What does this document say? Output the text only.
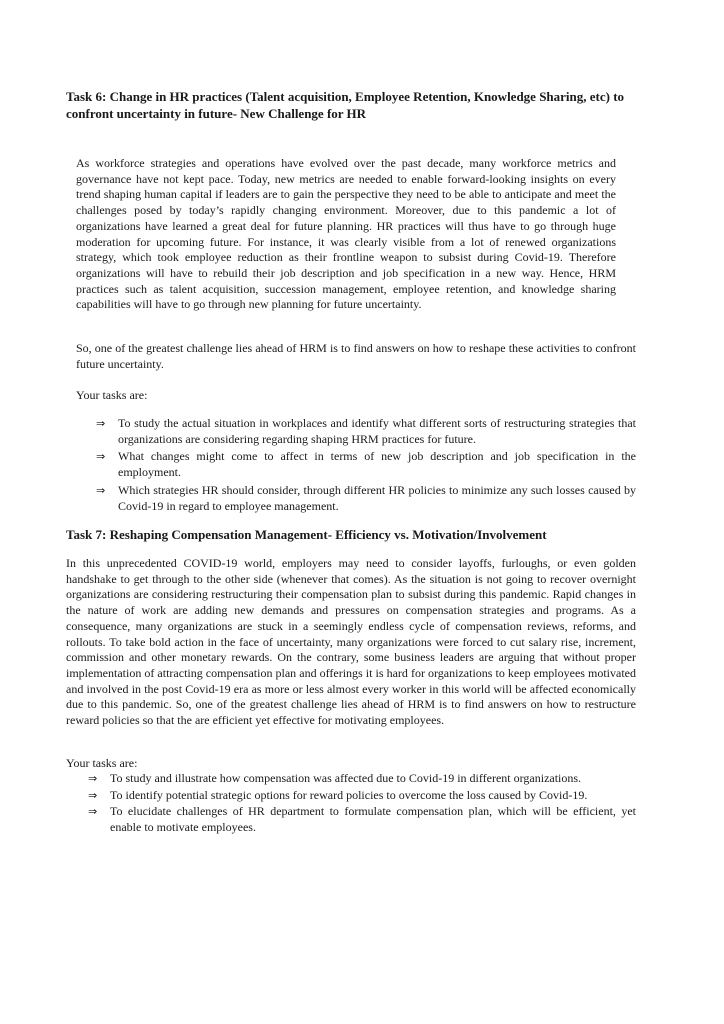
Task 6: Change in HR practices (Talent acquisition, Employee Retention, Knowledge Sharing, etc) to confront uncertainty in future- New Challenge for HR

As workforce strategies and operations have evolved over the past decade, many workforce metrics and governance have not kept pace. Today, new metrics are needed to enable forward-looking insights on every trend shaping human capital if leaders are to gain the perspective they need to be able to anticipate and meet the challenges posed by today’s rapidly changing environment. Moreover, due to this pandemic a lot of organizations have learned a great deal for future planning. HR practices will thus have to go through huge moderation for upcoming future. For instance, it was clearly visible from a lot of renewed organizations strategy, which took employee reduction as their frontline weapon to subsist during Covid-19. Therefore organizations will have to rebuild their job description and job specification in a new way. Hence, HRM practices such as talent acquisition, succession management, employee retention, and knowledge sharing capabilities will have to go through new planning for future uncertainty.

So, one of the greatest challenge lies ahead of HRM is to find answers on how to reshape these activities to confront future uncertainty.

Your tasks are:
⇒ To study the actual situation in workplaces and identify what different sorts of restructuring strategies that organizations are considering regarding shaping HRM practices for future.
⇒ What changes might come to affect in terms of new job description and job specification in the employment.
⇒ Which strategies HR should consider, through different HR policies to minimize any such losses caused by Covid-19 in regard to employee management.
Task 7: Reshaping Compensation Management- Efficiency vs. Motivation/Involvement

In this unprecedented COVID-19 world, employers may need to consider layoffs, furloughs, or even golden handshake to get through to the other side (whenever that comes). As the situation is not going to recover overnight organizations are considering restructuring their compensation plan to subsist during this pandemic. Rapid changes in the nature of work are adding new demands and pressures on compensation strategies and programs. As a consequence, many organizations are stuck in a seemingly endless cycle of compensation reviews, reforms, and rollouts. To take bold action in the face of uncertainty, many organizations were forced to cut salary rise, increment, commission and other monetary rewards. On the contrary, some business leaders are arguing that without proper implementation of attracting compensation plan and offerings it is hard for organizations to keep employees motivated and involved in the post Covid-19 era as more or less almost every worker in this world will be affected economically due to this pandemic. So, one of the greatest challenge lies ahead of HRM is to find answers on how to restructure reward policies so that the are efficient yet effective for motivating employees.

Your tasks are:
⇒ To study and illustrate how compensation was affected due to Covid-19 in different organizations.
⇒ To identify potential strategic options for reward policies to overcome the loss caused by Covid-19.
⇒ To elucidate challenges of HR department to formulate compensation plan, which will be efficient, yet enable to motivate employees.
